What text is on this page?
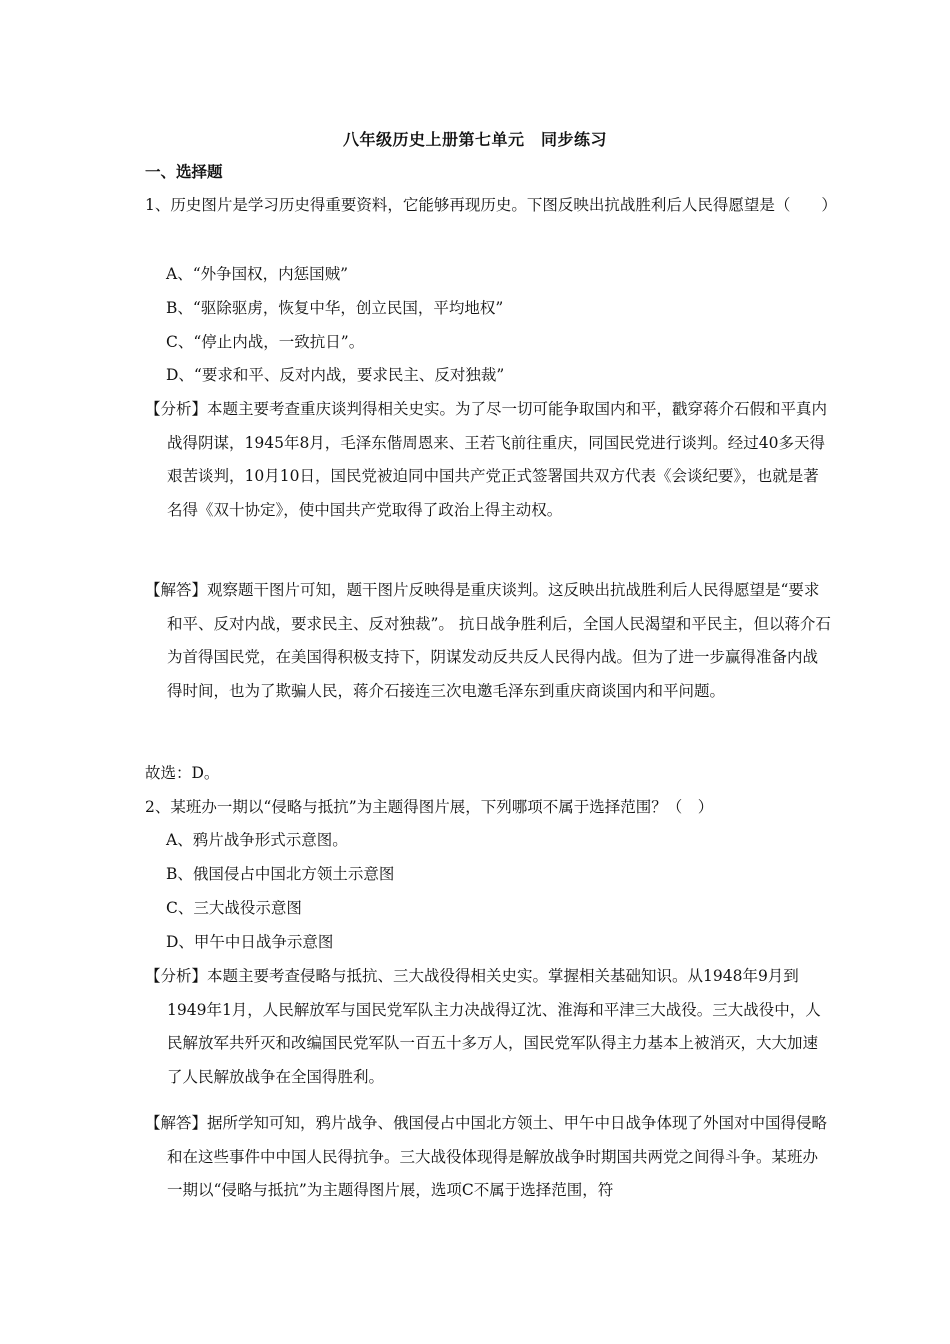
八年级历史上册第七单元　同步练习
一、选择题

1、历史图片是学习历史得重要资料，它能够再现历史。下图反映出抗战胜利后人民得愿望是（　　）

A、“外争国权，内惩国贼”
B、“驱除驱虏，恢复中华，创立民国，平均地权”
C、“停止内战，一致抗日”。
D、“要求和平、反对内战，要求民主、反对独裁”

【分析】本题主要考查重庆谈判得相关史实。为了尽一切可能争取国内和平，戳穿蒋介石假和平真内战得阴谋，1945年8月，毛泽东偕周恩来、王若飞前往重庆，同国民党进行谈判。经过40多天得艰苦谈判，10月10日，国民党被迫同中国共产党正式签署国共双方代表《会谈纪要》，也就是著名得《双十协定》，使中国共产党取得了政治上得主动权。

【解答】观察题干图片可知，题干图片反映得是重庆谈判。这反映出抗战胜利后人民得愿望是“要求和平、反对内战，要求民主、反对独裁”。 抗日战争胜利后，全国人民渴望和平民主，但以蒋介石为首得国民党，在美国得积极支持下，阴谋发动反共反人民得内战。但为了进一步赢得准备内战得时间，也为了欺骗人民，蒋介石接连三次电邀毛泽东到重庆商谈国内和平问题。

故选：D。
2、某班办一期以“侵略与抵抗”为主题得图片展，下列哪项不属于选择范围？（　）
A、鸦片战争形式示意图。
B、俄国侵占中国北方领土示意图
C、三大战役示意图
D、甲午中日战争示意图

【分析】本题主要考查侵略与抵抗、三大战役得相关史实。掌握相关基础知识。从1948年9月到1949年1月，人民解放军与国民党军队主力决战得辽沈、淮海和平津三大战役。三大战役中，人民解放军共歼灭和改编国民党军队一百五十多万人，国民党军队得主力基本上被消灭，大大加速了人民解放战争在全国得胜利。

【解答】据所学知可知，鸦片战争、俄国侵占中国北方领土、甲午中日战争体现了外国对中国得侵略和在这些事件中中国人民得抗争。三大战役体现得是解放战争时期国共两党之间得斗争。某班办一期以“侵略与抵抗”为主题得图片展，选项C不属于选择范围，符
